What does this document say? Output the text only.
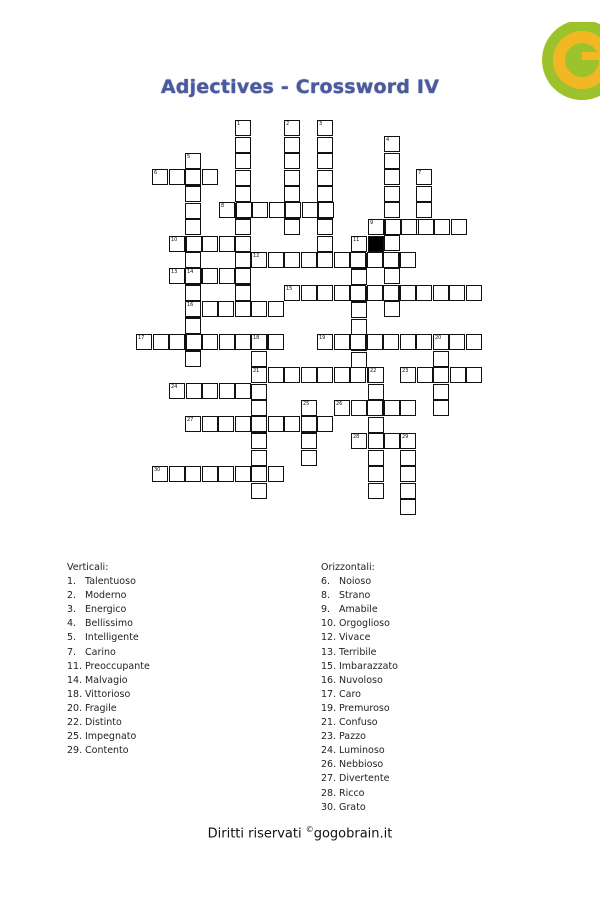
Adjectives - Crossword IV
1	2	3
4
5
6	7
8
9
10	11
12
13 14
16
15
17	18
21
19	20
22	23
24
25	26
27
28	29
30
Verticali:
1. Talentuoso
2. Moderno
3. Energico
4. Bellissimo
5. Intelligente
7. Carino
11. Preoccupante
14. Malvagio
18. Vittorioso
20. Fragile
22. Distinto
25. Impegnato
29. Contento
Orizzontali:
6. Noioso
8. Strano
9. Amabile
10. Orgoglioso
12. Vivace
13. Terribile
15. Imbarazzato
16. Nuvoloso
17. Caro
19. Premuroso
21. Confuso
23. Pazzo
24. Luminoso
26. Nebbioso
27. Divertente
28. Ricco
30. Grato
Diritti riservati ©gogobrain.it
